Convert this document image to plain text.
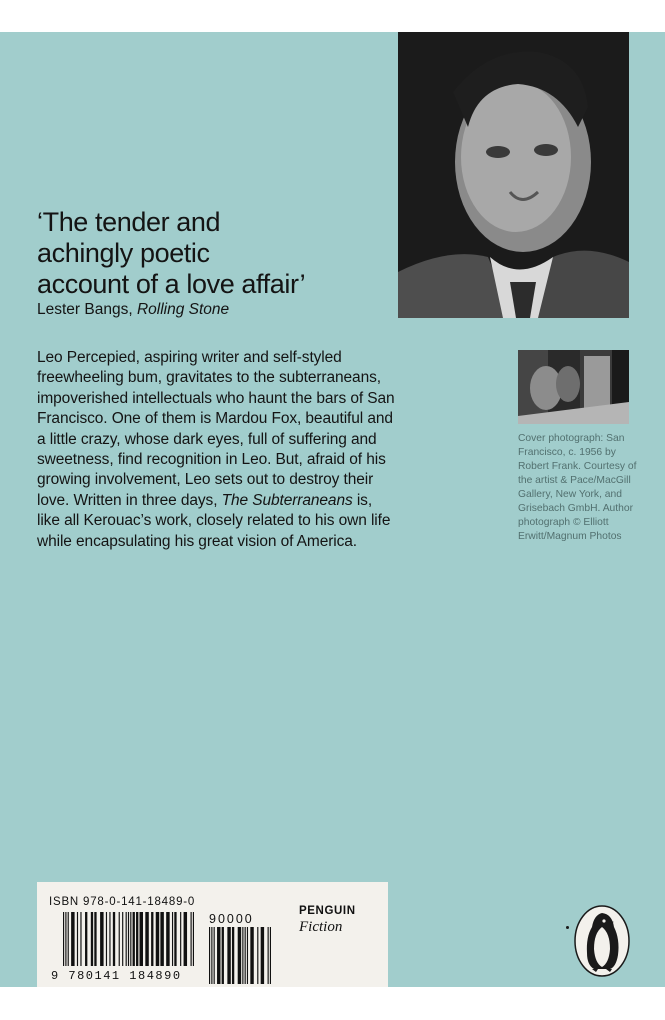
‘The tender and
achingly poetic
account of a love affair’
Lester Bangs, Rolling Stone

Leo Percepied, aspiring writer and self-styled freewheeling bum, gravitates to the subterraneans, impoverished intellectuals who haunt the bars of San Francisco. One of them is Mardou Fox, beautiful and a little crazy, whose dark eyes, full of suffering and sweetness, find recognition in Leo. But, afraid of his growing involvement, Leo sets out to destroy their love. Written in three days, The Subterraneans is, like all Kerouac’s work, closely related to his own life while encapsulating his great vision of America.

Cover photograph: San Francisco, c. 1956 by Robert Frank. Courtesy of the artist & Pace/MacGill Gallery, New York, and Grisebach GmbH. Author photograph © Elliott Erwitt/Magnum Photos
ISBN 978-0-141-18489-0
9 780141 184890
90000
PENGUIN
Fiction
